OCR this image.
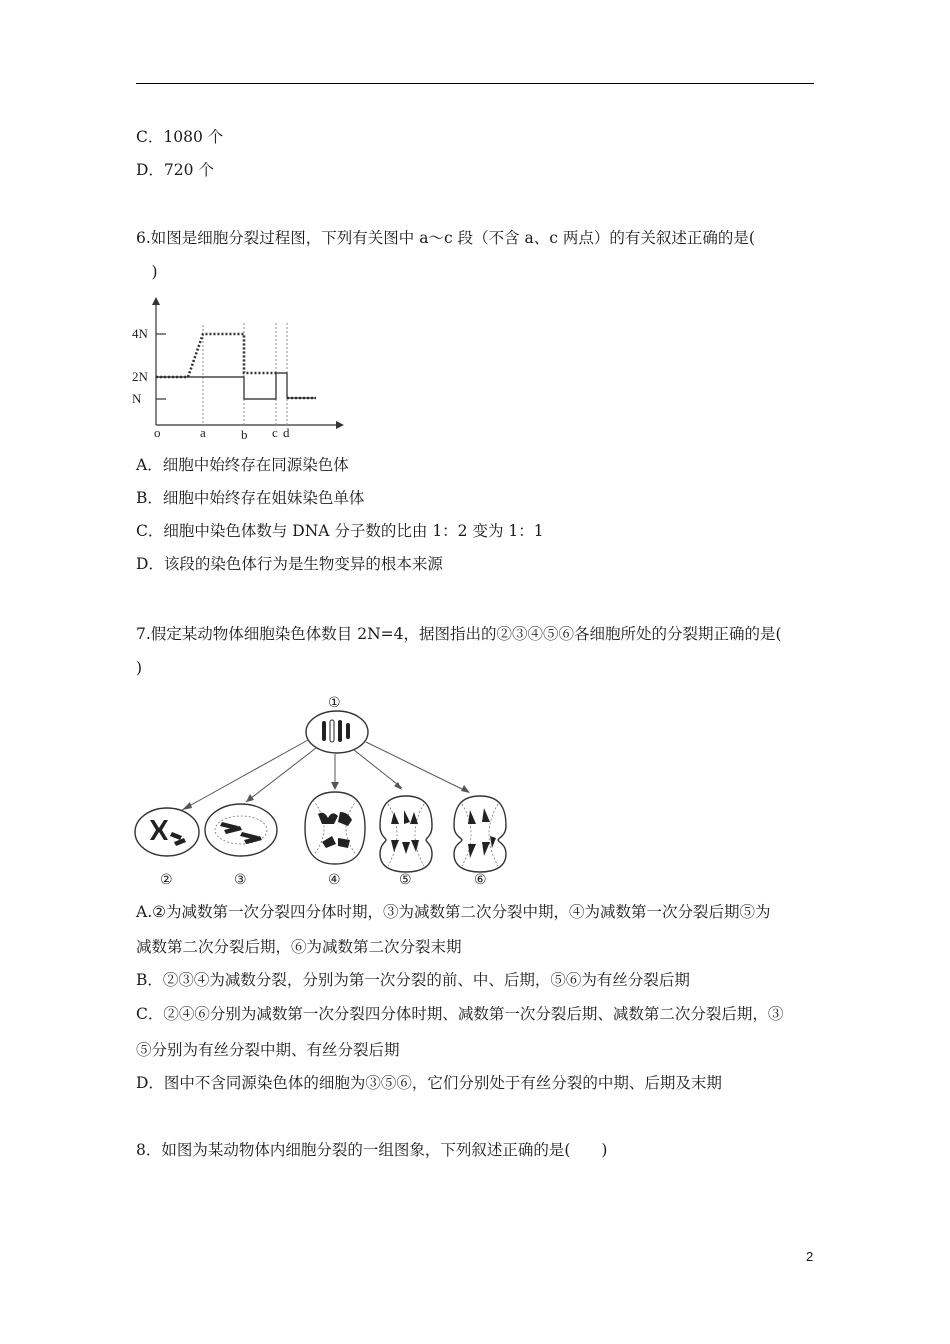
C．1080 个
D．720 个
6.如图是细胞分裂过程图，下列有关图中 a～c 段（不含 a、c 两点）的有关叙述正确的是(
　)
4N
2N
N
o	a	b c d
A．细胞中始终存在同源染色体
B．细胞中始终存在姐妹染色单体
C．细胞中染色体数与 DNA 分子数的比由 1：2 变为 1：1
D．该段的染色体行为是生物变异的根本来源
7.假定某动物体细胞染色体数目 2N=4，据图指出的②③④⑤⑥各细胞所处的分裂期正确的是(
)
①
②	③	④	⑤	⑥
A.②为减数第一次分裂四分体时期，③为减数第二次分裂中期，④为减数第一次分裂后期⑤为
减数第二次分裂后期，⑥为减数第二次分裂末期
B．②③④为减数分裂，分别为第一次分裂的前、中、后期，⑤⑥为有丝分裂后期
C．②④⑥分别为减数第一次分裂四分体时期、减数第一次分裂后期、减数第二次分裂后期，③
⑤分别为有丝分裂中期、有丝分裂后期
D．图中不含同源染色体的细胞为③⑤⑥，它们分别处于有丝分裂的中期、后期及末期
8．如图为某动物体内细胞分裂的一组图象，下列叙述正确的是(　　)
2
